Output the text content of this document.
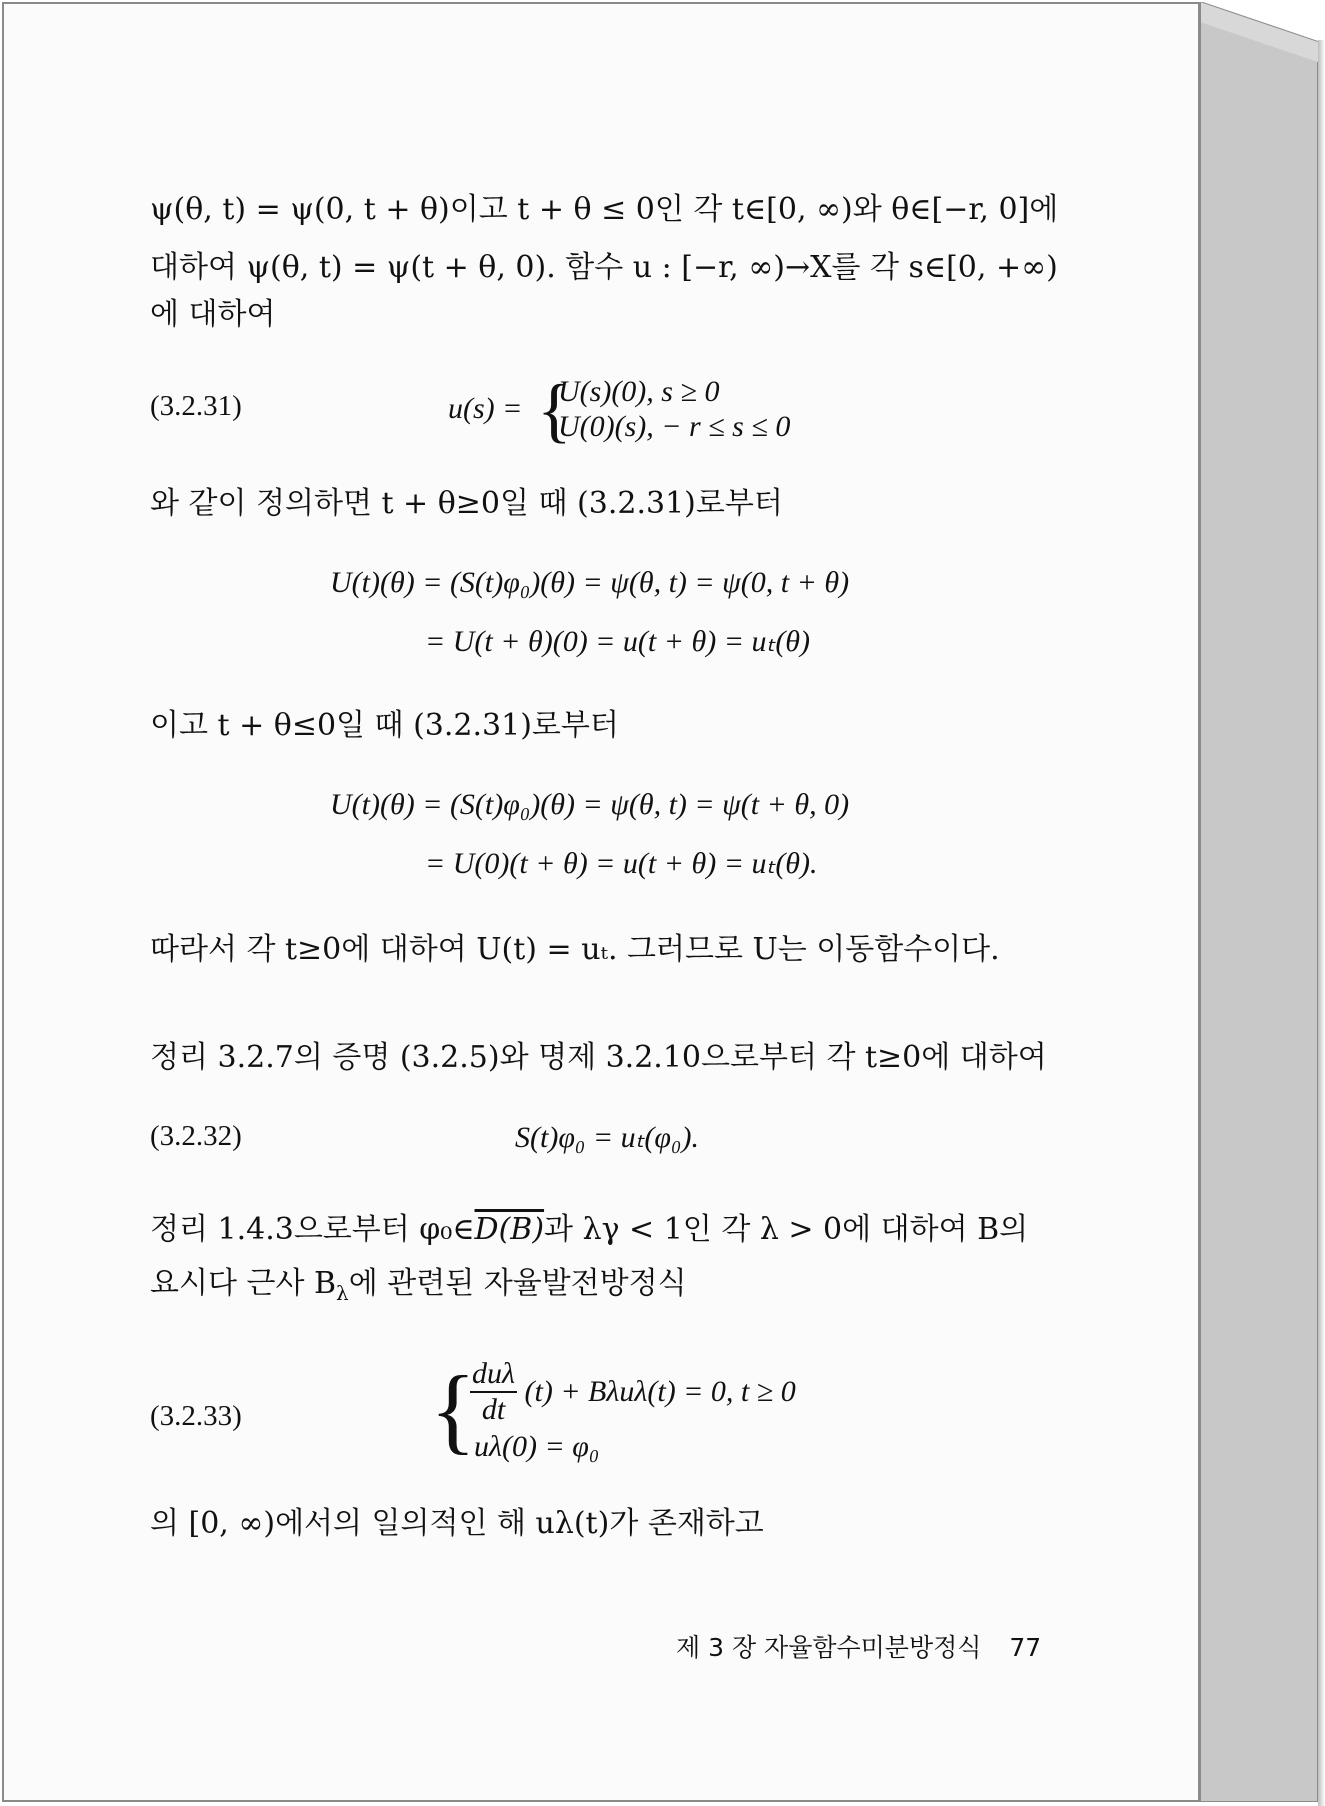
ψ(θ, t) = ψ(0, t + θ)이고 t + θ ≤ 0인 각 t∈[0, ∞)와 θ∈[−r, 0]에
대하여 ψ(θ, t) = ψ(t + θ, 0). 함수 u : [−r, ∞)→X를 각 s∈[0, +∞)
에 대하여
(3.2.31)	u(s) = {
U(s)(0), s ≥ 0
U(0)(s), − r ≤ s ≤ 0
와 같이 정의하면 t + θ≥0일 때 (3.2.31)로부터
U(t)(θ) = (S(t)φ₀)(θ) = ψ(θ, t) = ψ(0, t + θ)
= U(t + θ)(0) = u(t + θ) = uₜ(θ)
이고 t + θ≤0일 때 (3.2.31)로부터
U(t)(θ) = (S(t)φ₀)(θ) = ψ(θ, t) = ψ(t + θ, 0)
= U(0)(t + θ) = u(t + θ) = uₜ(θ).
따라서 각 t≥0에 대하여 U(t) = uₜ. 그러므로 U는 이동함수이다.
정리 3.2.7의 증명 (3.2.5)와 명제 3.2.10으로부터 각 t≥0에 대하여
(3.2.32)	S(t)φ₀ = uₜ(φ₀).
정리 1.4.3으로부터 φ₀∈D(B)과 λγ < 1인 각 λ > 0에 대하여 B의
요시다 근사 $B_\lambda$에 관련된 자율발전방정식
(3.2.33) {
$\frac{\text{duλ}}{dt} (t) + B\lambda u\lambda(t) = 0$, t ≥ 0
uλ(0) = φ₀
의 [0, ∞)에서의 일의적인 해 uλ(t)가 존재하고
제 3 장 자율함수미분방정식 77
